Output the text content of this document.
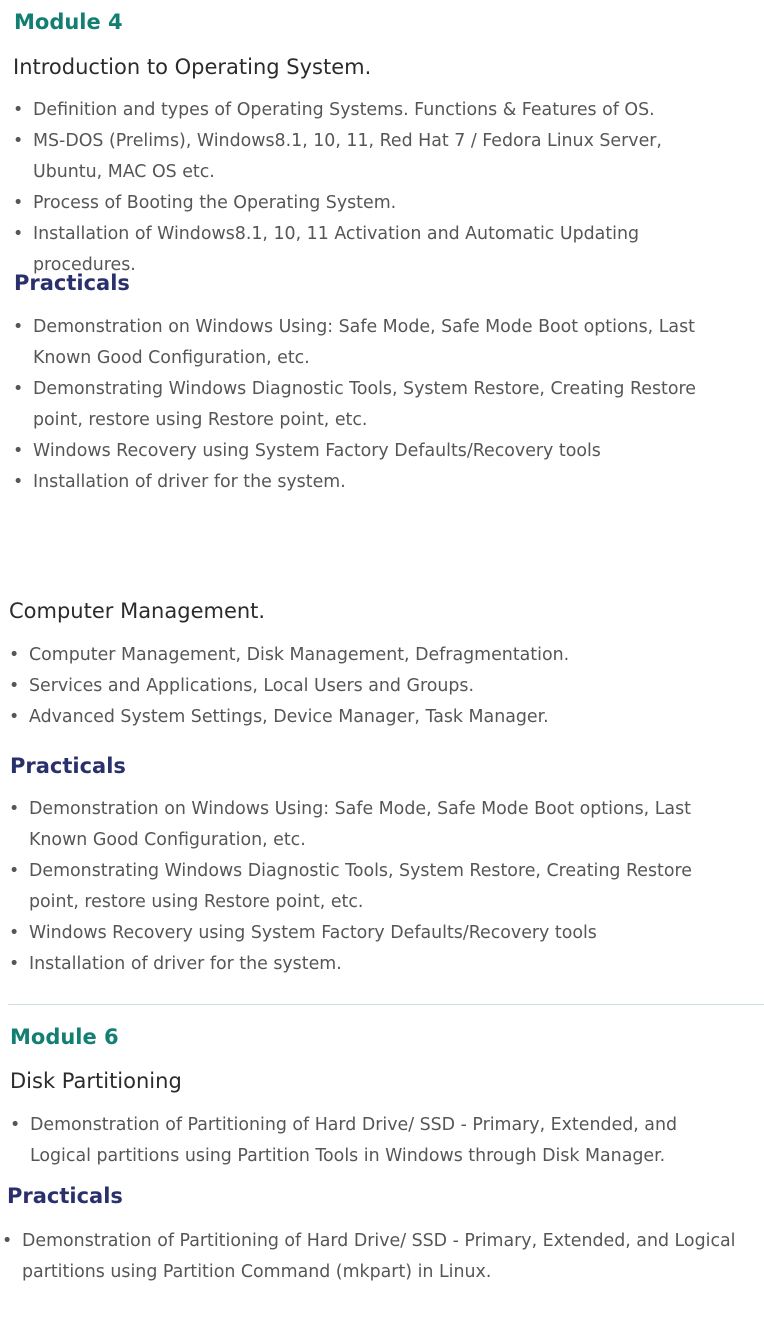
Module 4
Introduction to Operating System.
• Definition and types of Operating Systems. Functions & Features of OS.
• MS-DOS (Prelims), Windows8.1, 10, 11, Red Hat 7 / Fedora Linux Server, Ubuntu, MAC OS etc.
• Process of Booting the Operating System.
• Installation of Windows8.1, 10, 11 Activation and Automatic Updating procedures.
Practicals
• Demonstration on Windows Using: Safe Mode, Safe Mode Boot options, Last Known Good Configuration, etc.
• Demonstrating Windows Diagnostic Tools, System Restore, Creating Restore point, restore using Restore point, etc.
• Windows Recovery using System Factory Defaults/Recovery tools
• Installation of driver for the system.
Computer Management.
• Computer Management, Disk Management, Defragmentation.
• Services and Applications, Local Users and Groups.
• Advanced System Settings, Device Manager, Task Manager.
Practicals
• Demonstration on Windows Using: Safe Mode, Safe Mode Boot options, Last Known Good Configuration, etc.
• Demonstrating Windows Diagnostic Tools, System Restore, Creating Restore point, restore using Restore point, etc.
• Windows Recovery using System Factory Defaults/Recovery tools
• Installation of driver for the system.
Module 6
Disk Partitioning
• Demonstration of Partitioning of Hard Drive/ SSD - Primary, Extended, and Logical partitions using Partition Tools in Windows through Disk Manager.
Practicals
• Demonstration of Partitioning of Hard Drive/ SSD - Primary, Extended, and Logical partitions using Partition Command (mkpart) in Linux.
